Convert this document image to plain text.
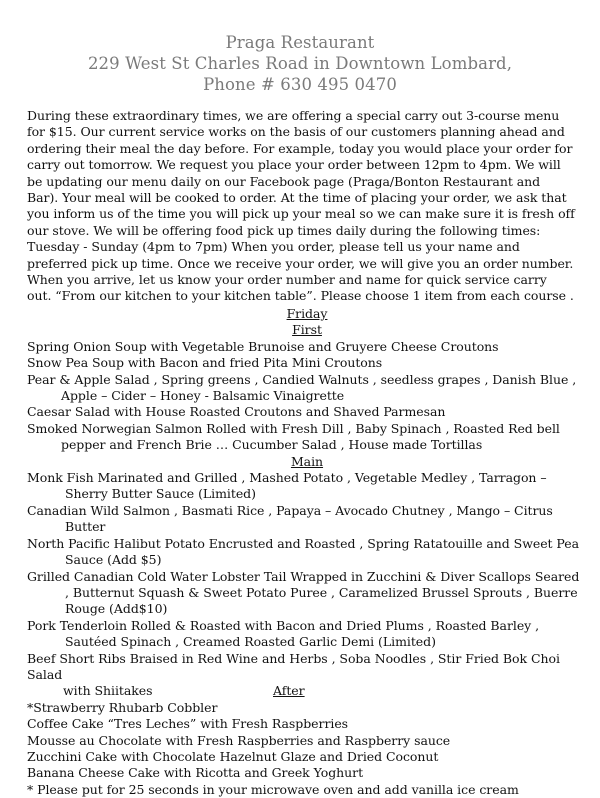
Praga Restaurant
229 West St Charles Road in Downtown Lombard,
Phone # 630 495 0470
During these extraordinary times, we are offering a special carry out 3-course menu for $15. Our current service works on the basis of our customers planning ahead and ordering their meal the day before. For example, today you would place your order for carry out tomorrow. We request you place your order between 12pm to 4pm. We will be updating our menu daily on our Facebook page (Praga/Bonton Restaurant and Bar). Your meal will be cooked to order. At the time of placing your order, we ask that you inform us of the time you will pick up your meal so we can make sure it is fresh off our stove. We will be offering food pick up times daily during the following times: Tuesday - Sunday (4pm to 7pm) When you order, please tell us your name and preferred pick up time. Once we receive your order, we will give you an order number. When you arrive, let us know your order number and name for quick service carry out. “From our kitchen to your kitchen table”. Please choose 1 item from each course .
Friday
First
Spring Onion Soup with Vegetable Brunoise and Gruyere Cheese Croutons
Snow Pea Soup with Bacon and fried Pita Mini Croutons
Pear & Apple Salad , Spring greens , Candied Walnuts , seedless grapes , Danish Blue , Apple – Cider – Honey - Balsamic Vinaigrette
Caesar Salad with House Roasted Croutons and Shaved Parmesan
Smoked Norwegian Salmon Rolled with Fresh Dill , Baby Spinach , Roasted Red bell pepper and French Brie … Cucumber Salad , House made Tortillas
Main
Monk Fish Marinated and Grilled , Mashed Potato , Vegetable Medley , Tarragon – Sherry Butter Sauce (Limited)
Canadian Wild Salmon , Basmati Rice , Papaya – Avocado Chutney , Mango – Citrus Butter
North Pacific Halibut Potato Encrusted and Roasted , Spring Ratatouille and Sweet Pea Sauce (Add $5)
Grilled Canadian Cold Water Lobster Tail Wrapped in Zucchini & Diver Scallops Seared , Butternut Squash & Sweet Potato Puree , Caramelized Brussel Sprouts , Buerre Rouge (Add$10)
Pork Tenderloin Rolled & Roasted with Bacon and Dried Plums , Roasted Barley , Sautéed Spinach , Creamed Roasted Garlic Demi (Limited)
Beef Short Ribs Braised in Red Wine and Herbs , Soba Noodles , Stir Fried Bok Choi Salad
with Shiitakes	After
*Strawberry Rhubarb Cobbler
Coffee Cake “Tres Leches” with Fresh Raspberries
Mousse au Chocolate with Fresh Raspberries and Raspberry sauce
Zucchini Cake with Chocolate Hazelnut Glaze and Dried Coconut
Banana Cheese Cake with Ricotta and Greek Yoghurt
* Please put for 25 seconds in your microwave oven and add vanilla ice cream
